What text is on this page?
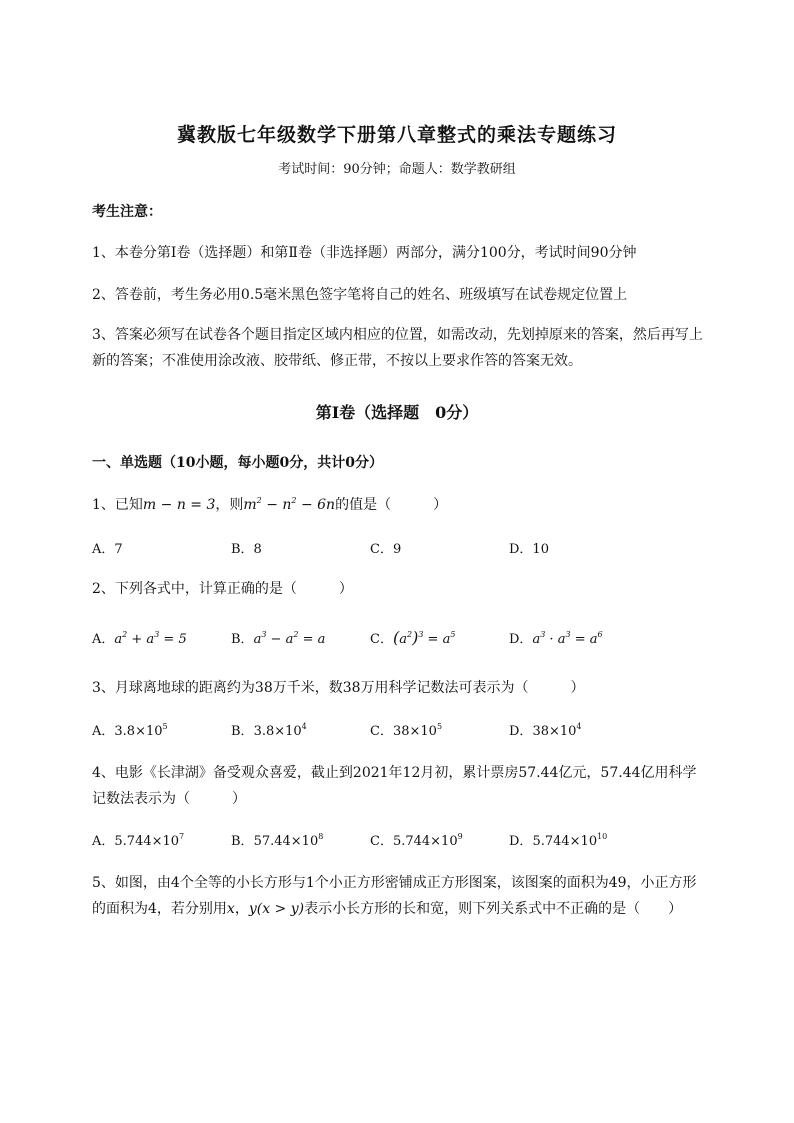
冀教版七年级数学下册第八章整式的乘法专题练习
考试时间：90分钟；命题人：数学教研组
考生注意：
1、本卷分第I卷（选择题）和第Ⅱ卷（非选择题）两部分，满分100分，考试时间90分钟
2、答卷前，考生务必用0.5毫米黑色签字笔将自己的姓名、班级填写在试卷规定位置上
3、答案必须写在试卷各个题目指定区域内相应的位置，如需改动，先划掉原来的答案，然后再写上新的答案；不准使用涂改液、胶带纸、修正带，不按以上要求作答的答案无效。
第I卷（选择题　0分）
一、单选题（10小题，每小题0分，共计0分）
1、已知m − n = 3，则$m^2 - n^2 - 6n$的值是（　　　）
A．7	B．8	C．9	D．10
2、下列各式中，计算正确的是（　　　）
A．$a^2 + a^3 = 5$	B．$a^3 - a^2 = a$	C．$(a^2)^3 = a^5$	D．$a^3 \cdot a^3 = a^6$
3、月球离地球的距离约为38万千米，数38万用科学记数法可表示为（　　　）
A．$3.8\times 10^5$	B．$3.8\times 10^4$	C．$38\times 10^5$	D．$38\times 10^4$
4、电影《长津湖》备受观众喜爱，截止到2021年12月初，累计票房57.44亿元，57.44亿用科学
记数法表示为（　　　）
A．$5.744\times 10^7$	B．$57.44\times 10^8$	C．$5.744\times 10^9$	D．$5.744\times 10^{10}$
5、如图，由4个全等的小长方形与1个小正方形密铺成正方形图案，该图案的面积为49，小正方形
的面积为4，若分别用x，y(x > y)表示小长方形的长和宽，则下列关系式中不正确的是（　　）
